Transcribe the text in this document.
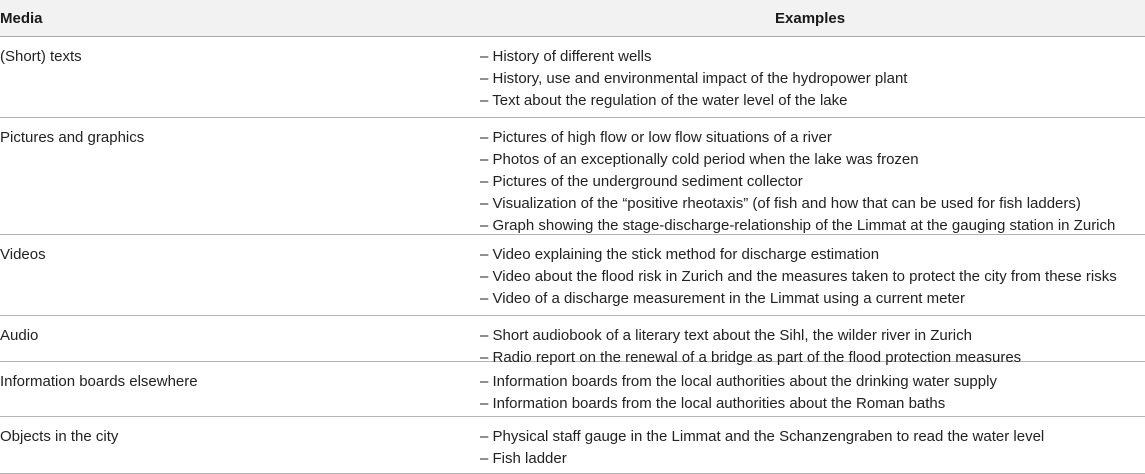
Media	Examples
(Short) texts	– History of different wells
– History, use and environmental impact of the hydropower plant
– Text about the regulation of the water level of the lake
Pictures and graphics	– Pictures of high flow or low flow situations of a river
– Photos of an exceptionally cold period when the lake was frozen
– Pictures of the underground sediment collector
– Visualization of the “positive rheotaxis” (of fish and how that can be used for fish ladders)
– Graph showing the stage-discharge-relationship of the Limmat at the gauging station in Zurich
Videos	– Video explaining the stick method for discharge estimation
– Video about the flood risk in Zurich and the measures taken to protect the city from these risks
– Video of a discharge measurement in the Limmat using a current meter
Audio	– Short audiobook of a literary text about the Sihl, the wilder river in Zurich
– Radio report on the renewal of a bridge as part of the flood protection measures
Information boards elsewhere	– Information boards from the local authorities about the drinking water supply
– Information boards from the local authorities about the Roman baths
Objects in the city	– Physical staff gauge in the Limmat and the Schanzengraben to read the water level
– Fish ladder
